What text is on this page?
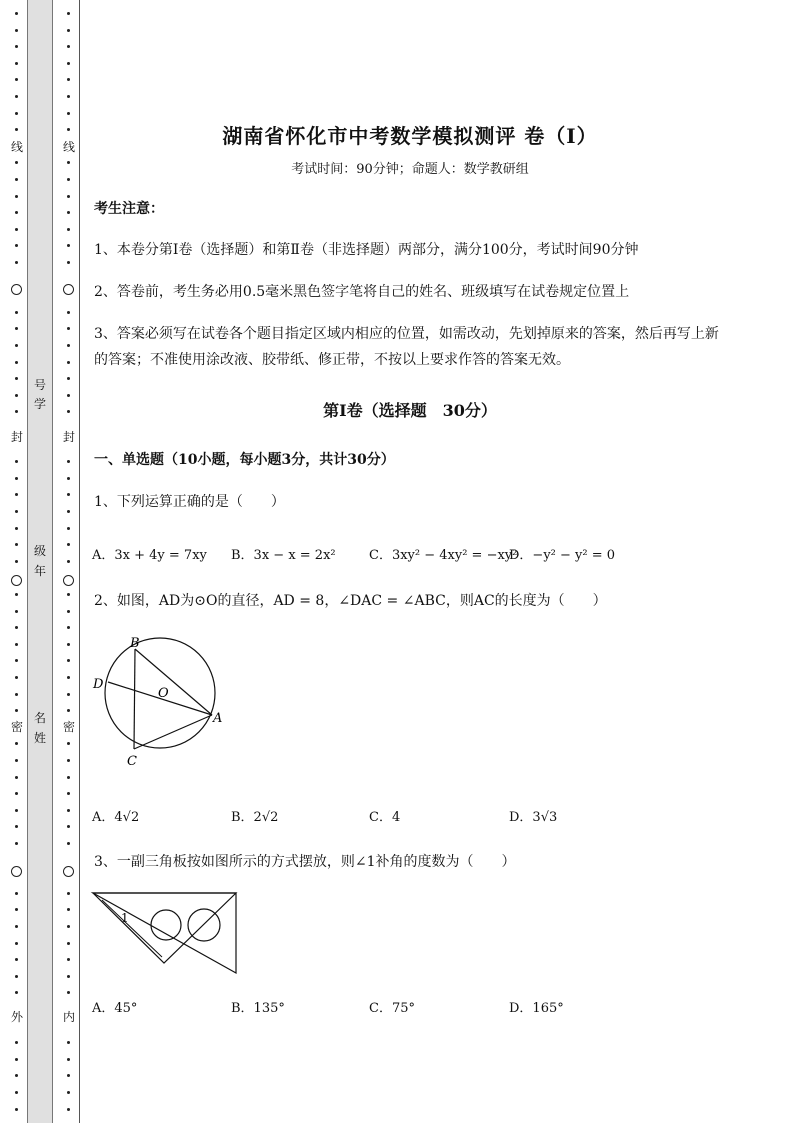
线
封
密
外
号
学
级
年
名
姓
线
封
密
内
湖南省怀化市中考数学模拟测评 卷（Ⅰ）
考试时间：90分钟；命题人：数学教研组
考生注意：
1、本卷分第I卷（选择题）和第Ⅱ卷（非选择题）两部分，满分100分，考试时间90分钟
2、答卷前，考生务必用0.5毫米黑色签字笔将自己的姓名、班级填写在试卷规定位置上
3、答案必须写在试卷各个题目指定区域内相应的位置，如需改动，先划掉原来的答案，然后再写上新
的答案；不准使用涂改液、胶带纸、修正带，不按以上要求作答的答案无效。
第I卷（选择题　30分）
一、单选题（10小题，每小题3分，共计30分）
1、下列运算正确的是（　　）
A．3x + 4y = 7xy B．3x − x = 2x²	C．3xy² − 4xy² = −xy²
D．−y² − y² = 0
2、如图，AD为⊙O的直径，AD = 8，∠DAC = ∠ABC，则AC的长度为（　　）
B
D
O
A
C
A．4√2	B．2√2	C．4	D．3√3
3、一副三角板按如图所示的方式摆放，则∠1补角的度数为（　　）
1
A．45°	B．135°	C．75°	D．165°
